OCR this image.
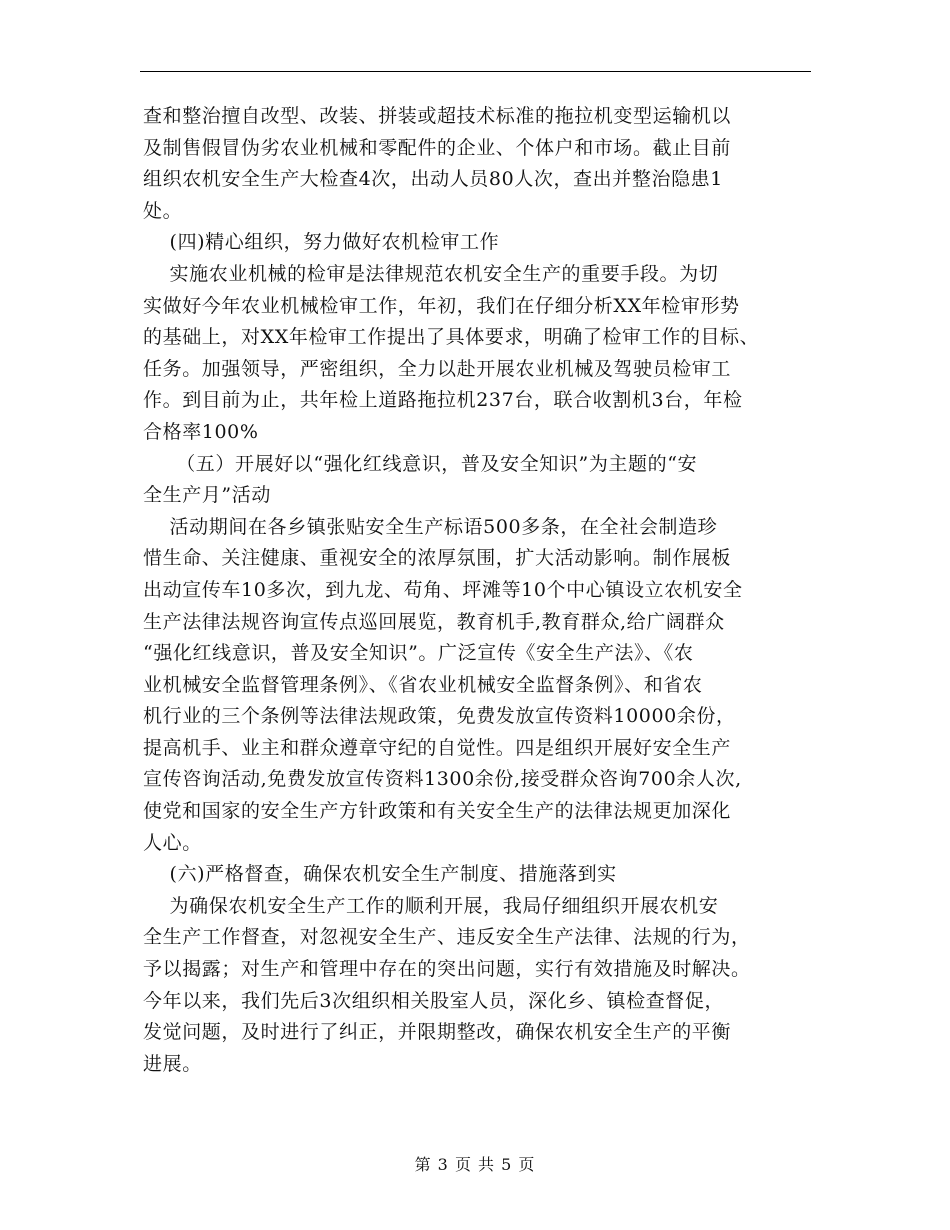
查和整治擅自改型、改装、拼装或超技术标准的拖拉机变型运输机以
及制售假冒伪劣农业机械和零配件的企业、个体户和市场。截止目前
组织农机安全生产大检查4次，出动人员80人次，查出并整治隐患1
处。
(四)精心组织，努力做好农机检审工作
实施农业机械的检审是法律规范农机安全生产的重要手段。为切
实做好今年农业机械检审工作，年初，我们在仔细分析XX年检审形势
的基础上，对XX年检审工作提出了具体要求，明确了检审工作的目标、
任务。加强领导，严密组织，全力以赴开展农业机械及驾驶员检审工
作。到目前为止，共年检上道路拖拉机237台，联合收割机3台，年检
合格率100%
（五）开展好以“强化红线意识，普及安全知识”为主题的“安
全生产月”活动
活动期间在各乡镇张贴安全生产标语500多条，在全社会制造珍
惜生命、关注健康、重视安全的浓厚氛围，扩大活动影响。制作展板
出动宣传车10多次，到九龙、苟角、坪滩等10个中心镇设立农机安全
生产法律法规咨询宣传点巡回展览，教育机手,教育群众,给广阔群众
“强化红线意识，普及安全知识”。广泛宣传《安全生产法》、《农
业机械安全监督管理条例》、《省农业机械安全监督条例》、和省农
机行业的三个条例等法律法规政策，免费发放宣传资料10000余份，
提高机手、业主和群众遵章守纪的自觉性。四是组织开展好安全生产
宣传咨询活动,免费发放宣传资料1300余份,接受群众咨询700余人次,
使党和国家的安全生产方针政策和有关安全生产的法律法规更加深化
人心。
(六)严格督查，确保农机安全生产制度、措施落到实
为确保农机安全生产工作的顺利开展，我局仔细组织开展农机安
全生产工作督查，对忽视安全生产、违反安全生产法律、法规的行为，
予以揭露；对生产和管理中存在的突出问题，实行有效措施及时解决。
今年以来，我们先后3次组织相关股室人员，深化乡、镇检查督促，
发觉问题，及时进行了纠正，并限期整改，确保农机安全生产的平衡
进展。
第 3 页 共 5 页
